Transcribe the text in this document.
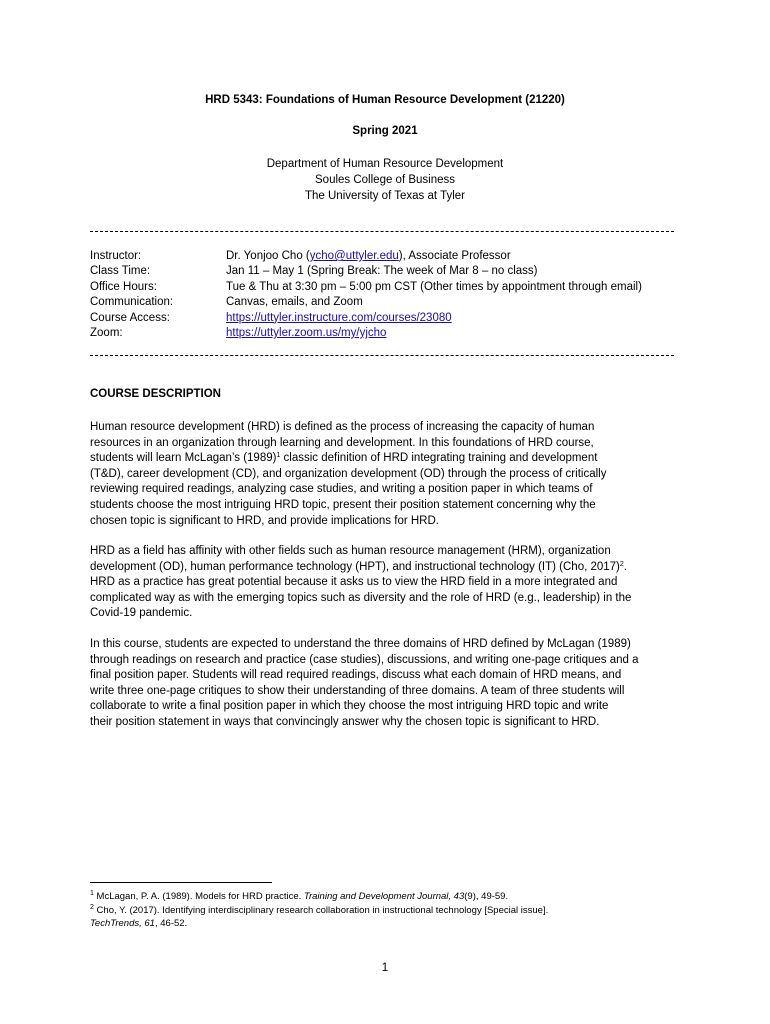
HRD 5343: Foundations of Human Resource Development (21220)
Spring 2021
Department of Human Resource Development
Soules College of Business
The University of Texas at Tyler
Instructor:	Dr. Yonjoo Cho (ycho@uttyler.edu), Associate Professor
Class Time:	Jan 11 – May 1 (Spring Break: The week of Mar 8 – no class)
Office Hours:	Tue & Thu at 3:30 pm – 5:00 pm CST (Other times by appointment through email)
Communication:	Canvas, emails, and Zoom
Course Access:	https://uttyler.instructure.com/courses/23080
Zoom:	https://uttyler.zoom.us/my/yjcho
COURSE DESCRIPTION
Human resource development (HRD) is defined as the process of increasing the capacity of human
resources in an organization through learning and development. In this foundations of HRD course,
students will learn McLagan’s $(1989)^1$ classic definition of HRD integrating training and development
(T&D), career development (CD), and organization development (OD) through the process of critically
reviewing required readings, analyzing case studies, and writing a position paper in which teams of
students choose the most intriguing HRD topic, present their position statement concerning why the
chosen topic is significant to HRD, and provide implications for HRD.
HRD as a field has affinity with other fields such as human resource management (HRM), organization
development (OD), human performance technology (HPT), and instructional technology (IT) (Cho, 2017)$^2$.
HRD as a practice has great potential because it asks us to view the HRD field in a more integrated and
complicated way as with the emerging topics such as diversity and the role of HRD (e.g., leadership) in the
Covid-19 pandemic.
In this course, students are expected to understand the three domains of HRD defined by McLagan (1989)
through readings on research and practice (case studies), discussions, and writing one-page critiques and a
final position paper. Students will read required readings, discuss what each domain of HRD means, and
write three one-page critiques to show their understanding of three domains. A team of three students will
collaborate to write a final position paper in which they choose the most intriguing HRD topic and write
their position statement in ways that convincingly answer why the chosen topic is significant to HRD.
$^1$ McLagan, P. A. (1989). Models for HRD practice. Training and Development Journal, 43(9), 49-59.
$^2$ Cho, Y. (2017). Identifying interdisciplinary research collaboration in instructional technology [Special issue].
TechTrends, 61, 46-52.
1
